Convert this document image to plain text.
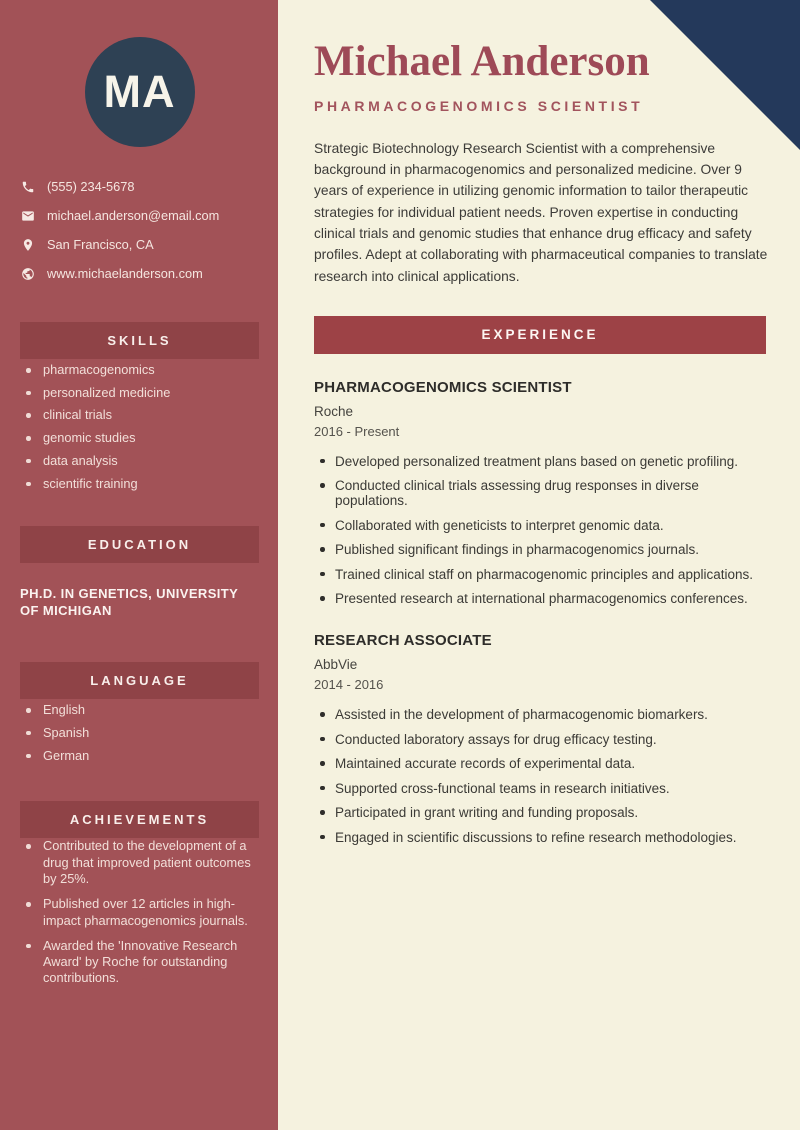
MA
(555) 234-5678
michael.anderson@email.com
San Francisco, CA
www.michaelanderson.com
SKILLS
pharmacogenomics
personalized medicine
clinical trials
genomic studies
data analysis
scientific training
EDUCATION
PH.D. IN GENETICS, UNIVERSITY OF MICHIGAN
LANGUAGE
English
Spanish
German
ACHIEVEMENTS
Contributed to the development of a drug that improved patient outcomes by 25%.
Published over 12 articles in high-impact pharmacogenomics journals.
Awarded the 'Innovative Research Award' by Roche for outstanding contributions.
Michael Anderson
PHARMACOGENOMICS SCIENTIST

Strategic Biotechnology Research Scientist with a comprehensive background in pharmacogenomics and personalized medicine. Over 9 years of experience in utilizing genomic information to tailor therapeutic strategies for individual patient needs. Proven expertise in conducting clinical trials and genomic studies that enhance drug efficacy and safety profiles. Adept at collaborating with pharmaceutical companies to translate research into clinical applications.

EXPERIENCE
PHARMACOGENOMICS SCIENTIST
Roche
2016 - Present
Developed personalized treatment plans based on genetic profiling.
Conducted clinical trials assessing drug responses in diverse populations.
Collaborated with geneticists to interpret genomic data.
Published significant findings in pharmacogenomics journals.
Trained clinical staff on pharmacogenomic principles and applications.
Presented research at international pharmacogenomics conferences.
RESEARCH ASSOCIATE
AbbVie
2014 - 2016
Assisted in the development of pharmacogenomic biomarkers.
Conducted laboratory assays for drug efficacy testing.
Maintained accurate records of experimental data.
Supported cross-functional teams in research initiatives.
Participated in grant writing and funding proposals.
Engaged in scientific discussions to refine research methodologies.
